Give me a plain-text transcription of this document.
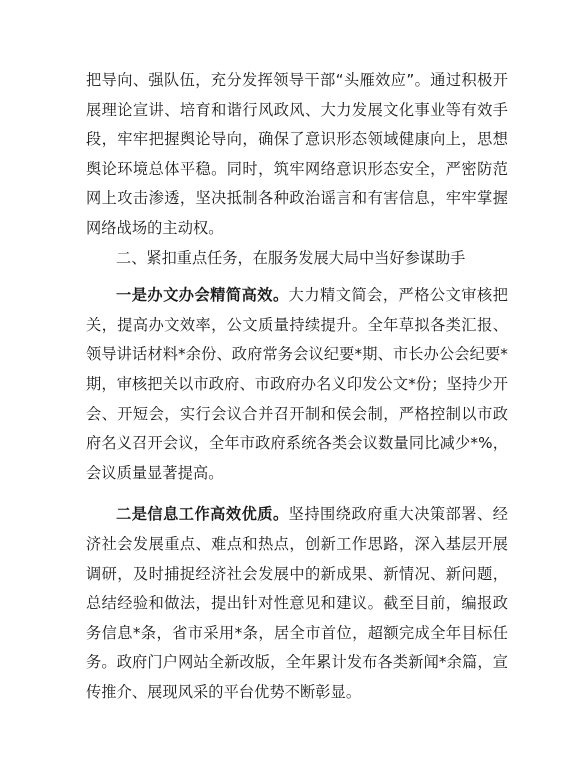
把导向、强队伍，充分发挥领导干部“头雁效应”。通过积极开展理论宣讲、培育和谐行风政风、大力发展文化事业等有效手段，牢牢把握舆论导向，确保了意识形态领域健康向上，思想舆论环境总体平稳。同时，筑牢网络意识形态安全，严密防范网上攻击渗透，坚决抵制各种政治谣言和有害信息，牢牢掌握网络战场的主动权。

二、紧扣重点任务，在服务发展大局中当好参谋助手

一是办文办会精简高效。大力精文简会，严格公文审核把关，提高办文效率，公文质量持续提升。全年草拟各类汇报、领导讲话材料*余份、政府常务会议纪要*期、市长办公会纪要*期，审核把关以市政府、市政府办名义印发公文*份；坚持少开会、开短会，实行会议合并召开制和侯会制，严格控制以市政府名义召开会议，全年市政府系统各类会议数量同比减少*%，会议质量显著提高。

二是信息工作高效优质。坚持围绕政府重大决策部署、经济社会发展重点、难点和热点，创新工作思路，深入基层开展调研，及时捕捉经济社会发展中的新成果、新情况、新问题，总结经验和做法，提出针对性意见和建议。截至目前，编报政务信息*条，省市采用*条，居全市首位，超额完成全年目标任务。政府门户网站全新改版，全年累计发布各类新闻*余篇，宣传推介、展现风采的平台优势不断彰显。
